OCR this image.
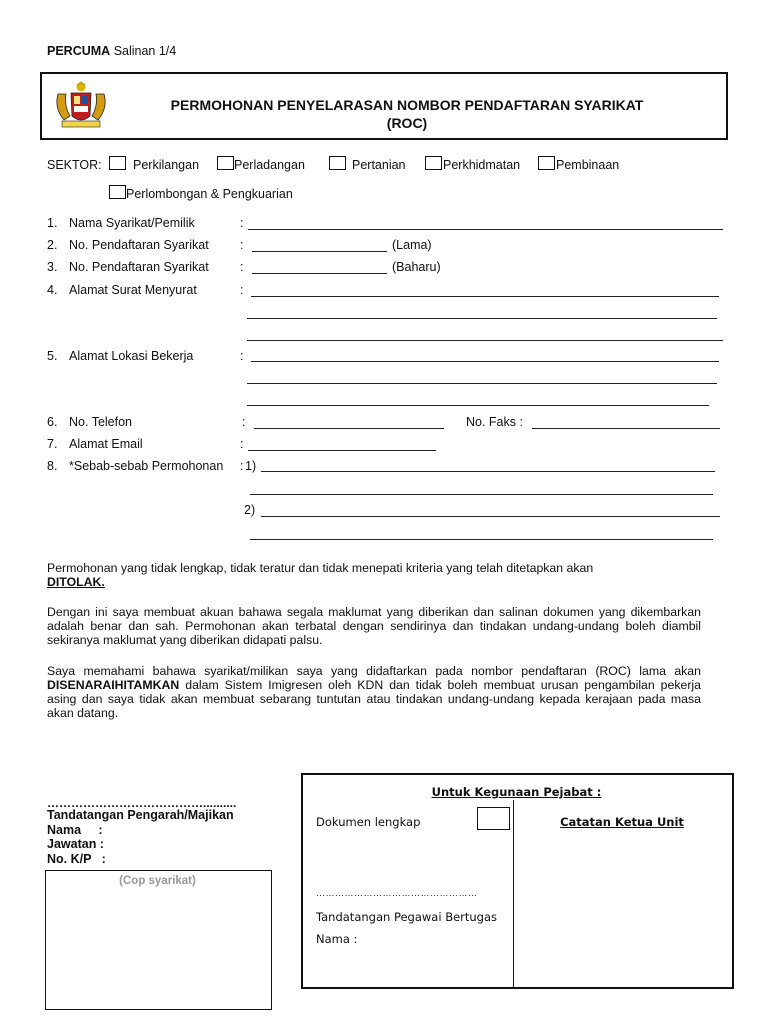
PERCUMA Salinan 1/4
PERMOHONAN PENYELARASAN NOMBOR PENDAFTARAN SYARIKAT
(ROC)
SEKTOR:	Perkilangan	Perladangan	Pertanian	Perkhidmatan	Pembinaan
Perlombongan & Pengkuarian
1. Nama Syarikat/Pemilik	:
2. No. Pendaftaran Syarikat	:	(Lama)
3. No. Pendaftaran Syarikat	:	(Baharu)
4. Alamat Surat Menyurat	:
5. Alamat Lokasi Bekerja	:
6. No. Telefon	:	No. Faks :
7. Alamat Email	:
8. *Sebab-sebab Permohonan : 1)
2)
Permohonan yang tidak lengkap, tidak teratur dan tidak menepati kriteria yang telah ditetapkan akan
DITOLAK.
Dengan ini saya membuat akuan bahawa segala maklumat yang diberikan dan salinan dokumen yang dikembarkan adalah benar dan sah. Permohonan akan terbatal dengan sendirinya dan tindakan undang-undang boleh diambil sekiranya maklumat yang diberikan didapati palsu.
Saya memahami bahawa syarikat/milikan saya yang didaftarkan pada nombor pendaftaran (ROC) lama akan DISENARAIHITAMKAN dalam Sistem Imigresen oleh KDN dan tidak boleh membuat urusan pengambilan pekerja asing dan saya tidak akan membuat sebarang tuntutan atau tindakan undang-undang kepada kerajaan pada masa akan datang.
…………………………………..........
Tandatangan Pengarah/Majikan
Nama     :
Jawatan :
No. K/P   :
(Cop syarikat)
Untuk Kegunaan Pejabat :
Dokumen lengkap	Catatan Ketua Unit
……………………………………………
Tandatangan Pegawai Bertugas
Nama :
